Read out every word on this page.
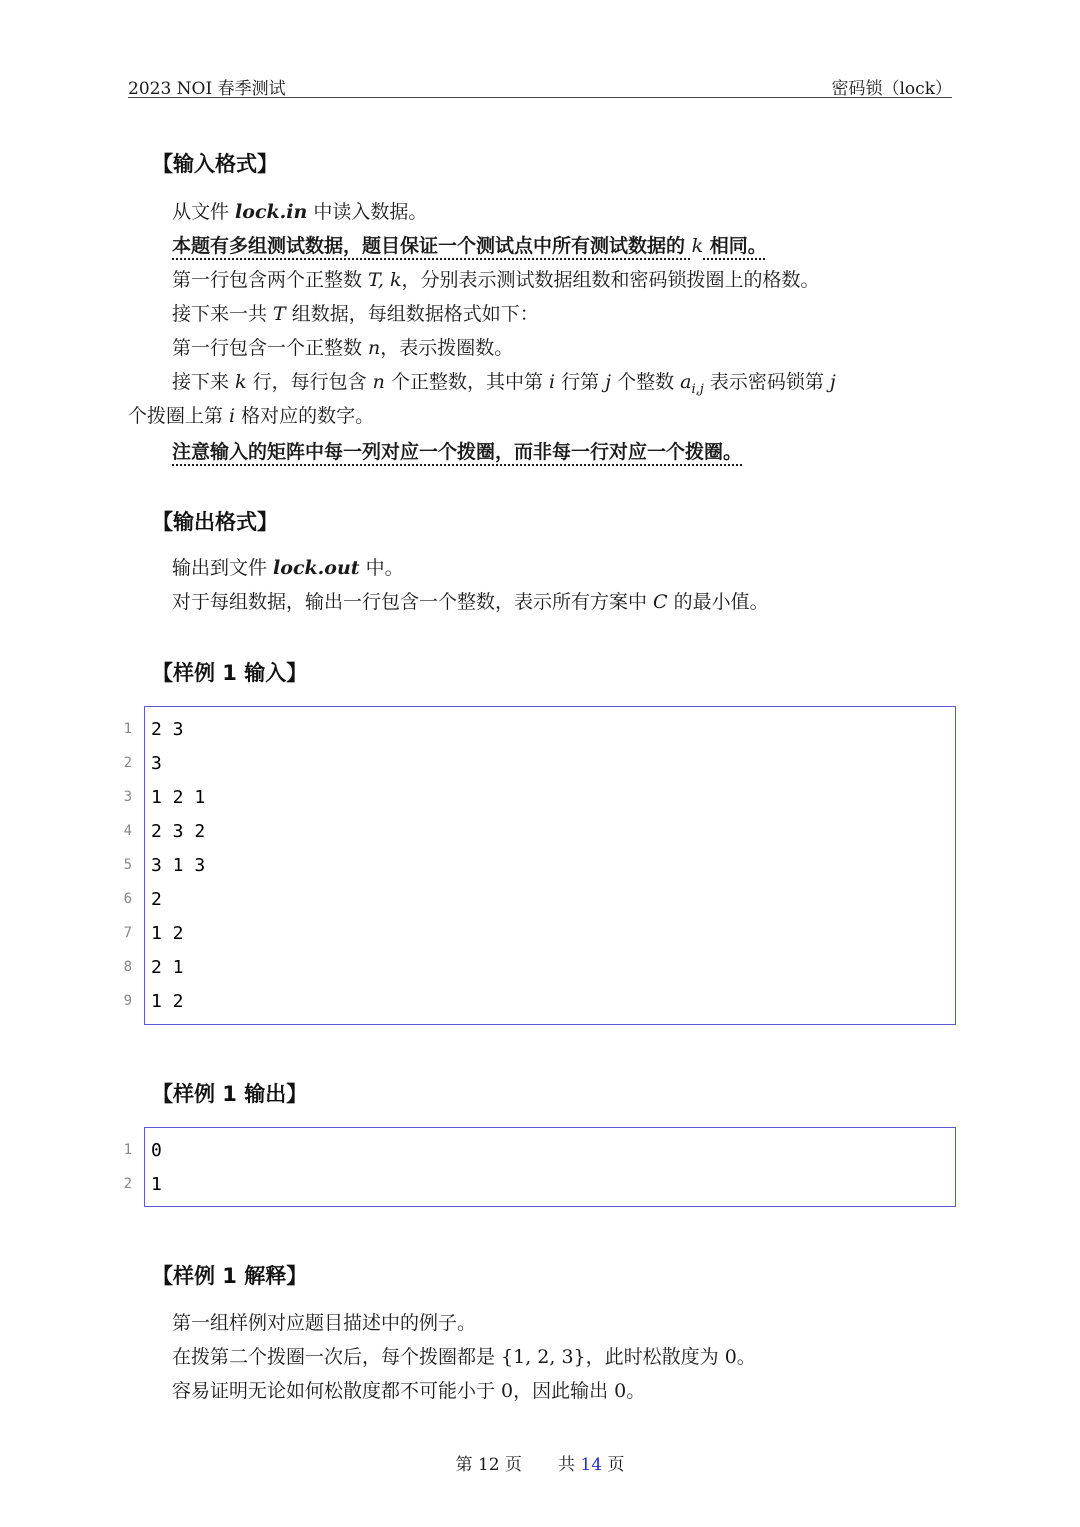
2023 NOI 春季测试	密码锁（lock）
【输入格式】
从文件 lock.in 中读入数据。
本题有多组测试数据，题目保证一个测试点中所有测试数据的 k 相同。
第一行包含两个正整数 T, k，分别表示测试数据组数和密码锁拨圈上的格数。
接下来一共 T 组数据，每组数据格式如下：
第一行包含一个正整数 n，表示拨圈数。
接下来 k 行，每行包含 n 个正整数，其中第 i 行第 j 个整数 $a_{i,j}$ 表示密码锁第 j
个拨圈上第 i 格对应的数字。
注意输入的矩阵中每一列对应一个拨圈，而非每一行对应一个拨圈。
【输出格式】
输出到文件 lock.out 中。
对于每组数据，输出一行包含一个整数，表示所有方案中 C 的最小值。
【样例 1 输入】
2 3
3
1 2 1
2 3 2
3 1 3
2
1 2
2 1
1 2
1
2
3
4
5
6
7
8
9
【样例 1 输出】
0
1
1
2
【样例 1 解释】
第一组样例对应题目描述中的例子。
在拨第二个拨圈一次后，每个拨圈都是 {1, 2, 3}，此时松散度为 0。
容易证明无论如何松散度都不可能小于 0，因此输出 0。
第 12 页 共 14 页
